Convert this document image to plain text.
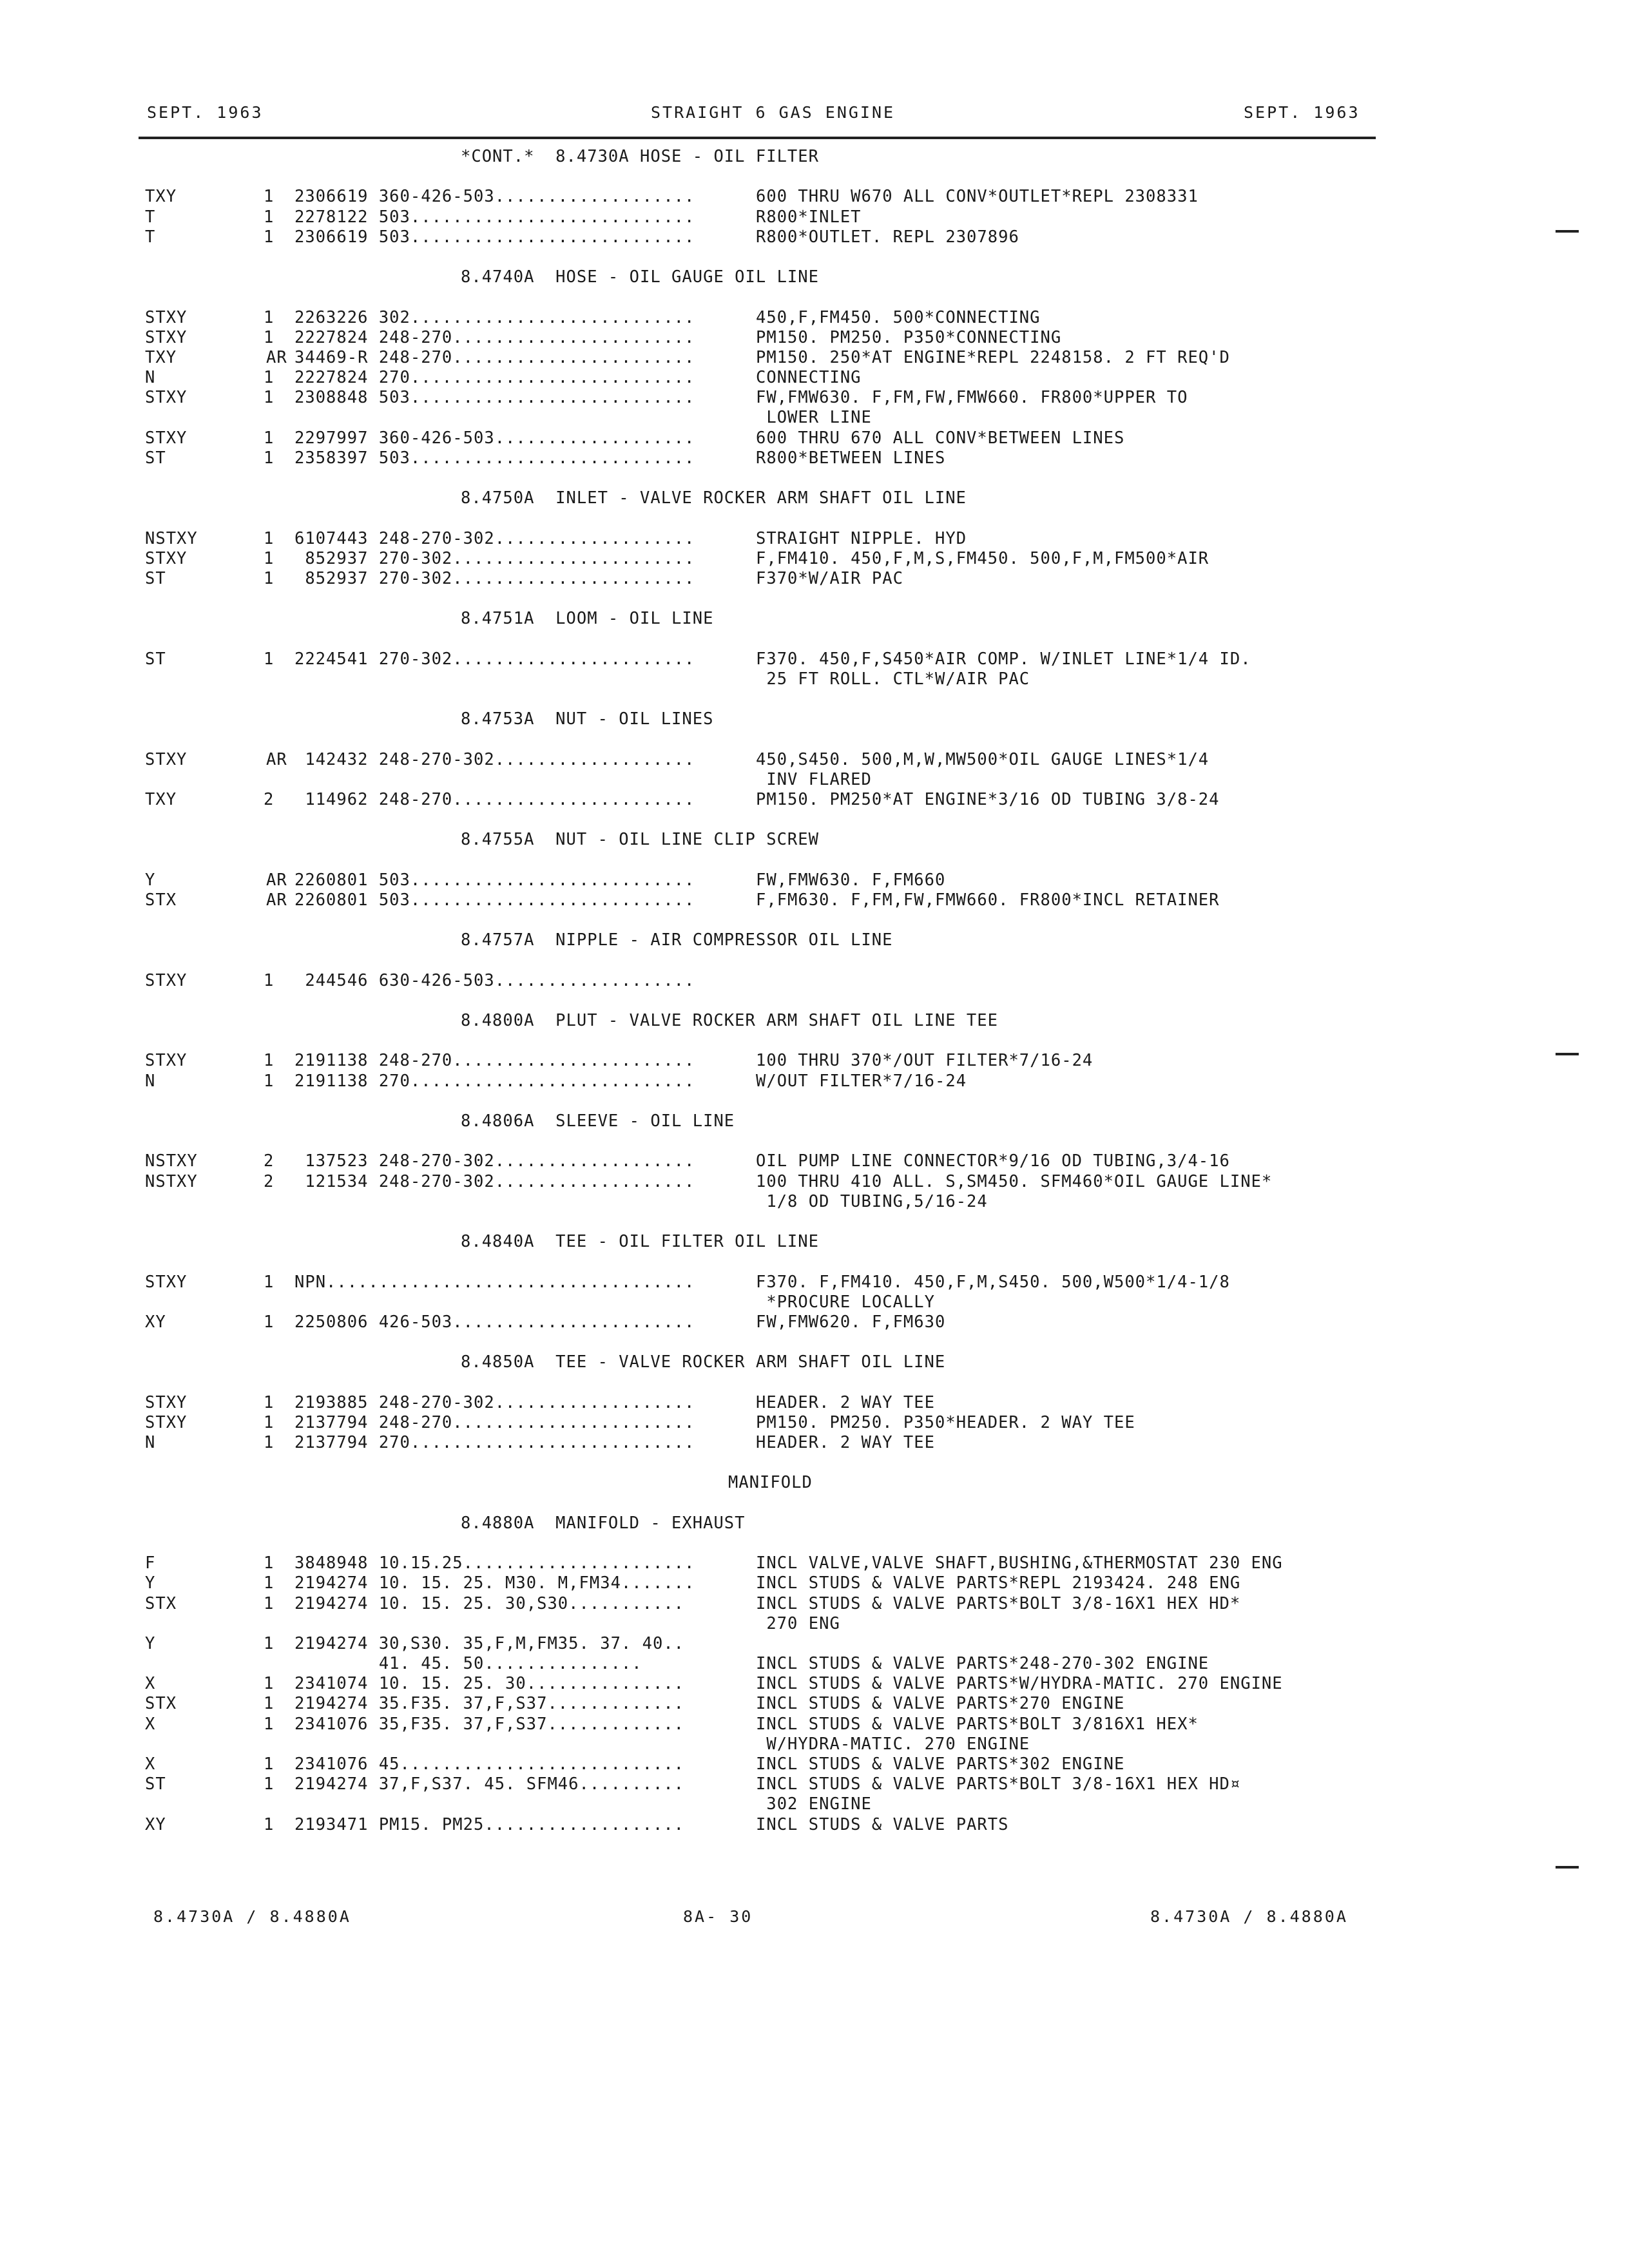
SEPT. 1963	STRAIGHT 6 GAS ENGINE	SEPT. 1963
*CONT.*  8.4730A HOSE - OIL FILTER
TXY	1 2306619 360-426-503...................	600 THRU W670 ALL CONV*OUTLET*REPL 2308331
T	1 2278122 503...........................	R800*INLET
T	1 2306619 503...........................	R800*OUTLET. REPL 2307896
8.4740A  HOSE - OIL GAUGE OIL LINE
STXY	1 2263226 302...........................	450,F,FM450. 500*CONNECTING
STXY	1 2227824 248-270.......................	PM150. PM250. P350*CONNECTING
TXY	AR 34469-R 248-270.......................	PM150. 250*AT ENGINE*REPL 2248158. 2 FT REQ'D
N	1 2227824 270...........................	CONNECTING
STXY	1 2308848 503...........................	FW,FMW630. F,FM,FW,FMW660. FR800*UPPER TO
LOWER LINE
STXY	1 2297997 360-426-503...................	600 THRU 670 ALL CONV*BETWEEN LINES
ST	1 2358397 503...........................	R800*BETWEEN LINES
8.4750A  INLET - VALVE ROCKER ARM SHAFT OIL LINE
NSTXY	1 6107443 248-270-302...................	STRAIGHT NIPPLE. HYD
STXY	1 852937 270-302.......................	F,FM410. 450,F,M,S,FM450. 500,F,M,FM500*AIR
ST	1 852937 270-302.......................	F370*W/AIR PAC
8.4751A  LOOM - OIL LINE
ST	1 2224541 270-302.......................	F370. 450,F,S450*AIR COMP. W/INLET LINE*1/4 ID.
25 FT ROLL. CTL*W/AIR PAC
8.4753A  NUT - OIL LINES
STXY	AR 142432 248-270-302...................	450,S450. 500,M,W,MW500*OIL GAUGE LINES*1/4
INV FLARED
TXY	2 114962 248-270.......................	PM150. PM250*AT ENGINE*3/16 OD TUBING 3/8-24
8.4755A  NUT - OIL LINE CLIP SCREW
Y	AR 2260801 503...........................	FW,FMW630. F,FM660
STX	AR 2260801 503...........................	F,FM630. F,FM,FW,FMW660. FR800*INCL RETAINER
8.4757A  NIPPLE - AIR COMPRESSOR OIL LINE
STXY	1 244546 630-426-503...................
8.4800A  PLUT - VALVE ROCKER ARM SHAFT OIL LINE TEE
STXY	1 2191138 248-270.......................	100 THRU 370*/OUT FILTER*7/16-24
N	1 2191138 270...........................	W/OUT FILTER*7/16-24
8.4806A  SLEEVE - OIL LINE
NSTXY	2 137523 248-270-302...................	OIL PUMP LINE CONNECTOR*9/16 OD TUBING,3/4-16
NSTXY	2 121534 248-270-302...................	100 THRU 410 ALL. S,SM450. SFM460*OIL GAUGE LINE*
1/8 OD TUBING,5/16-24
8.4840A  TEE - OIL FILTER OIL LINE
STXY	1 NPN...................................	F370. F,FM410. 450,F,M,S450. 500,W500*1/4-1/8
*PROCURE LOCALLY
XY	1 2250806 426-503.......................	FW,FMW620. F,FM630
8.4850A  TEE - VALVE ROCKER ARM SHAFT OIL LINE
STXY	1 2193885 248-270-302...................	HEADER. 2 WAY TEE
STXY	1 2137794 248-270.......................	PM150. PM250. P350*HEADER. 2 WAY TEE
N	1 2137794 270...........................	HEADER. 2 WAY TEE
MANIFOLD
8.4880A  MANIFOLD - EXHAUST
F	1 3848948 10.15.25......................	INCL VALVE,VALVE SHAFT,BUSHING,&THERMOSTAT 230 ENG
Y	1 2194274 10. 15. 25. M30. M,FM34.......	INCL STUDS & VALVE PARTS*REPL 2193424. 248 ENG
STX	1 2194274 10. 15. 25. 30,S30...........	INCL STUDS & VALVE PARTS*BOLT 3/8-16X1 HEX HD*
270 ENG
Y	1 2194274 30,S30. 35,F,M,FM35. 37. 40..
41. 45. 50...............	INCL STUDS & VALVE PARTS*248-270-302 ENGINE
X	1 2341074 10. 15. 25. 30...............	INCL STUDS & VALVE PARTS*W/HYDRA-MATIC. 270 ENGINE
STX	1 2194274 35.F35. 37,F,S37.............	INCL STUDS & VALVE PARTS*270 ENGINE
X	1 2341076 35,F35. 37,F,S37.............	INCL STUDS & VALVE PARTS*BOLT 3/816X1 HEX*
W/HYDRA-MATIC. 270 ENGINE
X	1 2341076 45...........................	INCL STUDS & VALVE PARTS*302 ENGINE
ST	1 2194274 37,F,S37. 45. SFM46..........	INCL STUDS & VALVE PARTS*BOLT 3/8-16X1 HEX HD¤
302 ENGINE
XY	1 2193471 PM15. PM25...................	INCL STUDS & VALVE PARTS
8.4730A / 8.4880A	8A- 30	8.4730A / 8.4880A
